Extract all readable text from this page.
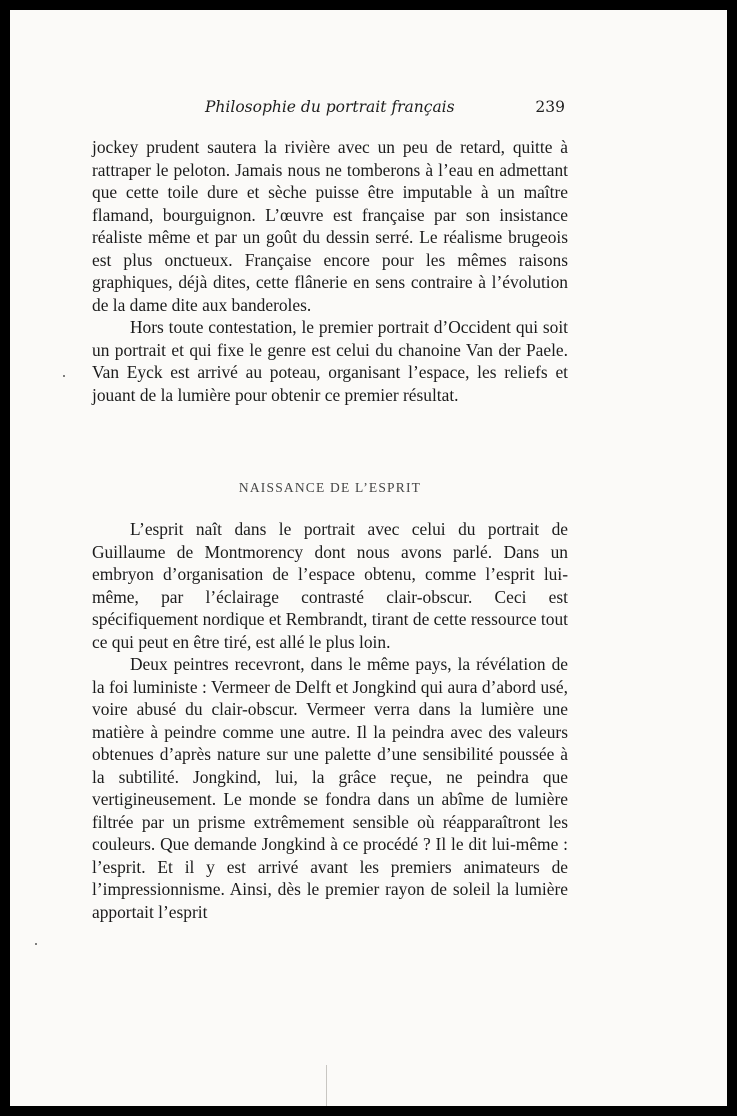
Philosophie du portrait français	239

jockey prudent sautera la rivière avec un peu de retard, quitte à rattraper le peloton. Jamais nous ne tomberons à l’eau en admettant que cette toile dure et sèche puisse être imputable à un maître flamand, bourguignon. L’œuvre est française par son insistance réaliste même et par un goût du dessin serré. Le réalisme brugeois est plus onctueux. Française encore pour les mêmes raisons graphiques, déjà dites, cette flânerie en sens contraire à l’évolution de la dame dite aux banderoles.

Hors toute contestation, le premier portrait d’Occident qui soit un portrait et qui fixe le genre est celui du chanoine Van der Paele. Van Eyck est arrivé au poteau, organisant l’espace, les reliefs et jouant de la lumière pour obtenir ce premier résultat.

NAISSANCE DE L’ESPRIT

L’esprit naît dans le portrait avec celui du portrait de Guillaume de Montmorency dont nous avons parlé. Dans un embryon d’organisation de l’espace obtenu, comme l’esprit lui-même, par l’éclairage contrasté clair-obscur. Ceci est spécifiquement nordique et Rembrandt, tirant de cette ressource tout ce qui peut en être tiré, est allé le plus loin.

Deux peintres recevront, dans le même pays, la révélation de la foi luministe : Vermeer de Delft et Jongkind qui aura d’abord usé, voire abusé du clair-obscur. Vermeer verra dans la lumière une matière à peindre comme une autre. Il la peindra avec des valeurs obtenues d’après nature sur une palette d’une sensibilité poussée à la subtilité. Jongkind, lui, la grâce reçue, ne peindra que vertigineusement. Le monde se fondra dans un abîme de lumière filtrée par un prisme extrêmement sensible où réapparaîtront les couleurs. Que demande Jongkind à ce procédé ? Il le dit lui-même : l’esprit. Et il y est arrivé avant les premiers animateurs de l’impressionnisme. Ainsi, dès le premier rayon de soleil la lumière apportait l’esprit
